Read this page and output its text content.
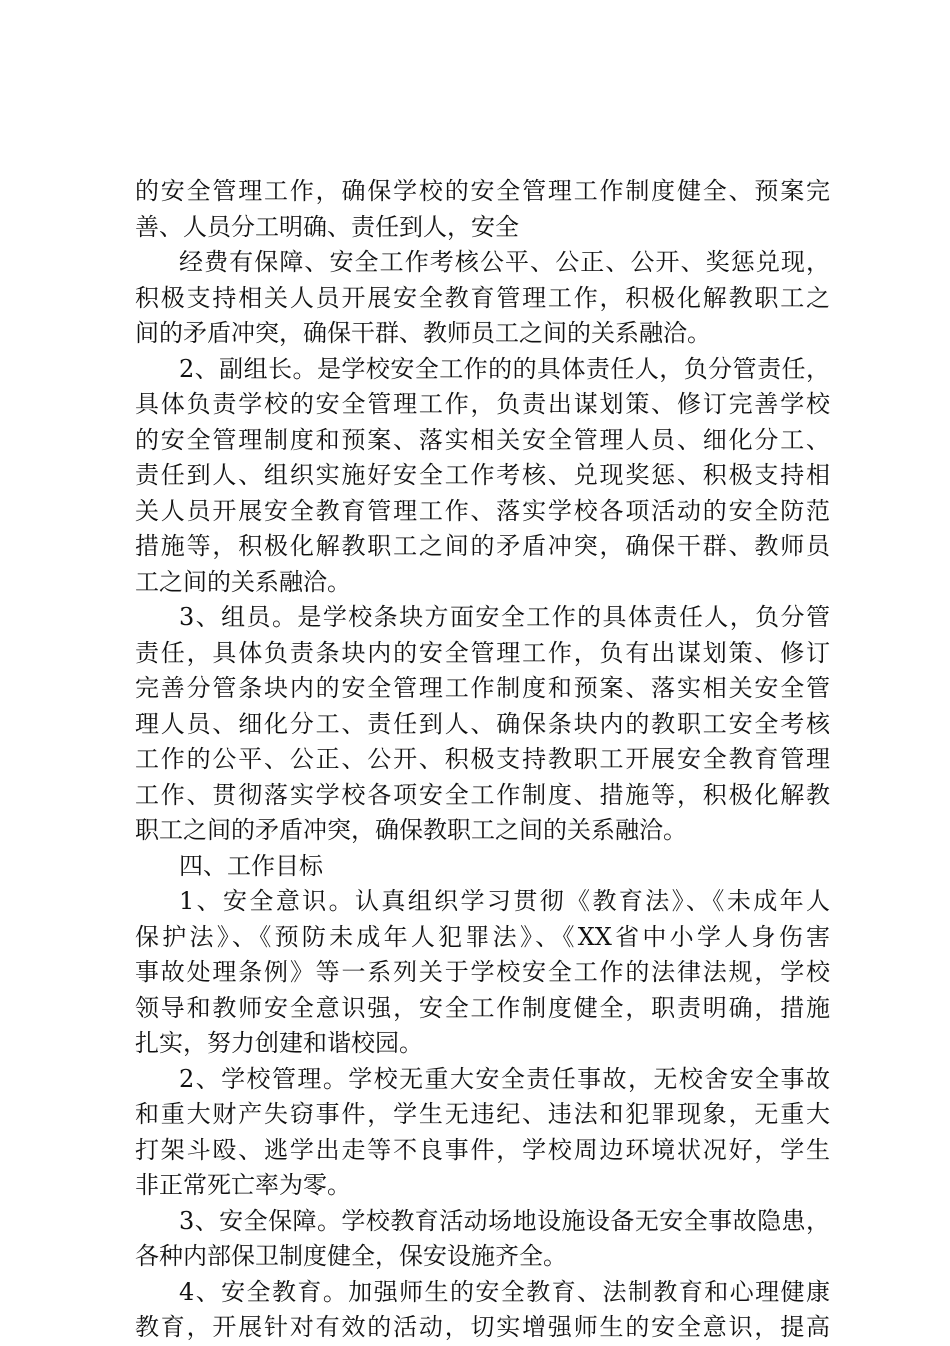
的安全管理工作，确保学校的安全管理工作制度健全、预案完
善、人员分工明确、责任到人，安全
经费有保障、安全工作考核公平、公正、公开、奖惩兑现，
积极支持相关人员开展安全教育管理工作，积极化解教职工之
间的矛盾冲突，确保干群、教师员工之间的关系融洽。
2、副组长。是学校安全工作的的具体责任人，负分管责任，
具体负责学校的安全管理工作，负责出谋划策、修订完善学校
的安全管理制度和预案、落实相关安全管理人员、细化分工、
责任到人、组织实施好安全工作考核、兑现奖惩、积极支持相
关人员开展安全教育管理工作、落实学校各项活动的安全防范
措施等，积极化解教职工之间的矛盾冲突，确保干群、教师员
工之间的关系融洽。
3、组员。是学校条块方面安全工作的具体责任人，负分管
责任，具体负责条块内的安全管理工作，负有出谋划策、修订
完善分管条块内的安全管理工作制度和预案、落实相关安全管
理人员、细化分工、责任到人、确保条块内的教职工安全考核
工作的公平、公正、公开、积极支持教职工开展安全教育管理
工作、贯彻落实学校各项安全工作制度、措施等，积极化解教
职工之间的矛盾冲突，确保教职工之间的关系融洽。
四、工作目标
1、安全意识。认真组织学习贯彻《教育法》、《未成年人
保护法》、《预防未成年人犯罪法》、《XX省中小学人身伤害
事故处理条例》等一系列关于学校安全工作的法律法规，学校
领导和教师安全意识强，安全工作制度健全，职责明确，措施
扎实，努力创建和谐校园。
2、学校管理。学校无重大安全责任事故，无校舍安全事故
和重大财产失窃事件，学生无违纪、违法和犯罪现象，无重大
打架斗殴、逃学出走等不良事件，学校周边环境状况好，学生
非正常死亡率为零。
3、安全保障。学校教育活动场地设施设备无安全事故隐患，
各种内部保卫制度健全，保安设施齐全。
4、安全教育。加强师生的安全教育、法制教育和心理健康
教育，开展针对有效的活动，切实增强师生的安全意识，提高
